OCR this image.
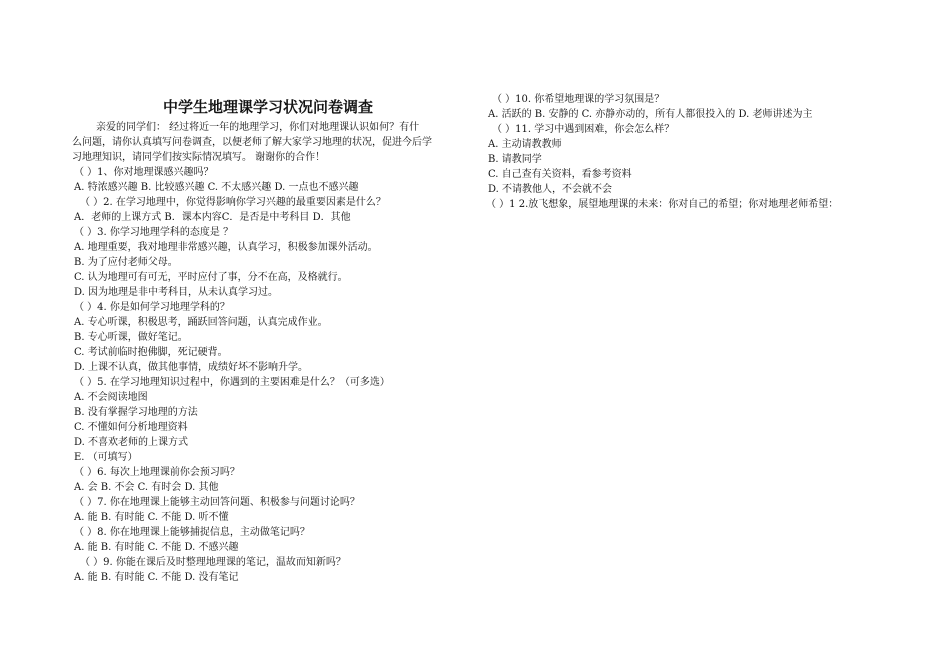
中学生地理课学习状况问卷调查
亲爱的同学们： 经过将近一年的地理学习，你们对地理课认识如何？有什
么问题，请你认真填写问卷调查，以便老师了解大家学习地理的状况，促进今后学
习地理知识，请同学们按实际情况填写。 谢谢你的合作！
（ ）1、你对地理课感兴趣吗？
A. 特浓感兴趣 B. 比较感兴趣 C. 不太感兴趣 D. 一点也不感兴趣
（ ）2. 在学习地理中，你觉得影响你学习兴趣的最重要因素是什么？
A．老师的上课方式 B．课本内容C．是否是中考科目 D．其他
（ ）3. 你学习地理学科的态度是 ？
A. 地理重要，我对地理非常感兴趣，认真学习，积极参加课外活动。
B. 为了应付老师父母。
C. 认为地理可有可无，平时应付了事，分不在高，及格就行。
D. 因为地理是非中考科目，从未认真学习过。
（ ）4. 你是如何学习地理学科的？
A. 专心听课，积极思考，踊跃回答问题，认真完成作业。
B. 专心听课，做好笔记。
C. 考试前临时抱佛脚，死记硬背。
D. 上课不认真，做其他事情，成绩好坏不影响升学。
（ ）5. 在学习地理知识过程中，你遇到的主要困难是什么？（可多选）
A. 不会阅读地图
B. 没有掌握学习地理的方法
C. 不懂如何分析地理资料
D. 不喜欢老师的上课方式
E. （可填写）
（ ）6. 每次上地理课前你会预习吗？
A. 会 B. 不会 C. 有时会 D. 其他
（ ）7. 你在地理课上能够主动回答问题、积极参与问题讨论吗？
A. 能 B. 有时能 C. 不能 D. 听不懂
（ ）8. 你在地理课上能够捕捉信息，主动做笔记吗？
A. 能 B. 有时能 C. 不能 D. 不感兴趣
（ ）9. 你能在课后及时整理地理课的笔记，温故而知新吗？
A. 能 B. 有时能 C. 不能 D. 没有笔记
（ ）10. 你希望地理课的学习氛围是？
A. 活跃的 B. 安静的 C. 亦静亦动的，所有人都很投入的 D. 老师讲述为主
（ ）11. 学习中遇到困难，你会怎么样？
A. 主动请教教师
B. 请教同学
C. 自己查有关资料，看参考资料
D. 不请教他人，不会就不会
（ ）1 2.放飞想象，展望地理课的未来：你对自己的希望；你对地理老师希望：
